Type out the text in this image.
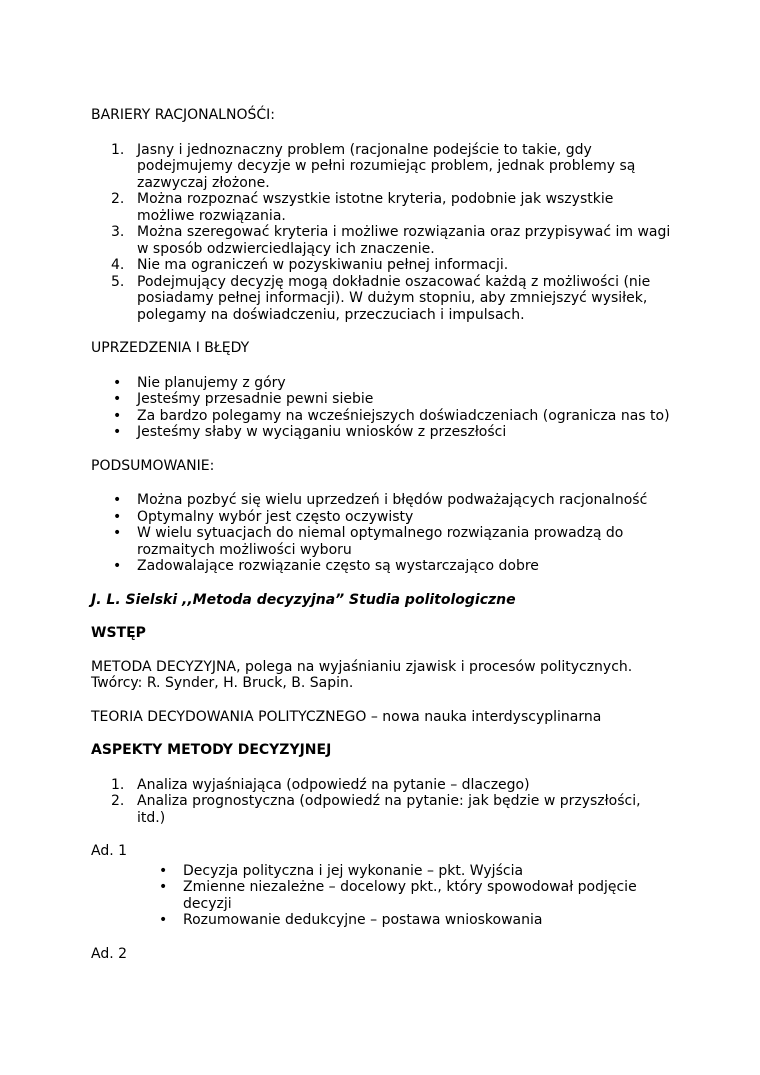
BARIERY RACJONALNOŚĆI:

1. Jasny i jednoznaczny problem (racjonalne podejście to takie, gdy podejmujemy decyzje w pełni rozumiejąc problem, jednak problemy są zazwyczaj złożone.
2. Można rozpoznać wszystkie istotne kryteria, podobnie jak wszystkie możliwe rozwiązania.
3. Można szeregować kryteria i możliwe rozwiązania oraz przypisywać im wagi w sposób odzwierciedlający ich znaczenie.
4. Nie ma ograniczeń w pozyskiwaniu pełnej informacji.
5. Podejmujący decyzję mogą dokładnie oszacować każdą z możliwości (nie posiadamy pełnej informacji). W dużym stopniu, aby zmniejszyć wysiłek, polegamy na doświadczeniu, przeczuciach i impulsach.

UPRZEDZENIA I BŁĘDY

• Nie planujemy z góry
• Jesteśmy przesadnie pewni siebie
• Za bardzo polegamy na wcześniejszych doświadczeniach (ogranicza nas to)
• Jesteśmy słaby w wyciąganiu wniosków z przeszłości

PODSUMOWANIE:

• Można pozbyć się wielu uprzedzeń i błędów podważających racjonalność
• Optymalny wybór jest często oczywisty
• W wielu sytuacjach do niemal optymalnego rozwiązania prowadzą do rozmaitych możliwości wyboru
• Zadowalające rozwiązanie często są wystarczająco dobre

J. L. Sielski ,,Metoda decyzyjna” Studia politologiczne

WSTĘP

METODA DECYZYJNA, polega na wyjaśnianiu zjawisk i procesów politycznych.

Twórcy: R. Synder, H. Bruck, B. Sapin.

TEORIA DECYDOWANIA POLITYCZNEGO – nowa nauka interdyscyplinarna

ASPEKTY METODY DECYZYJNEJ

1. Analiza wyjaśniająca (odpowiedź na pytanie – dlaczego)
2. Analiza prognostyczna (odpowiedź na pytanie: jak będzie w przyszłości, itd.)

Ad. 1

• Decyzja polityczna i jej wykonanie – pkt. Wyjścia
• Zmienne niezależne – docelowy pkt., który spowodował podjęcie decyzji
• Rozumowanie dedukcyjne – postawa wnioskowania

Ad. 2
